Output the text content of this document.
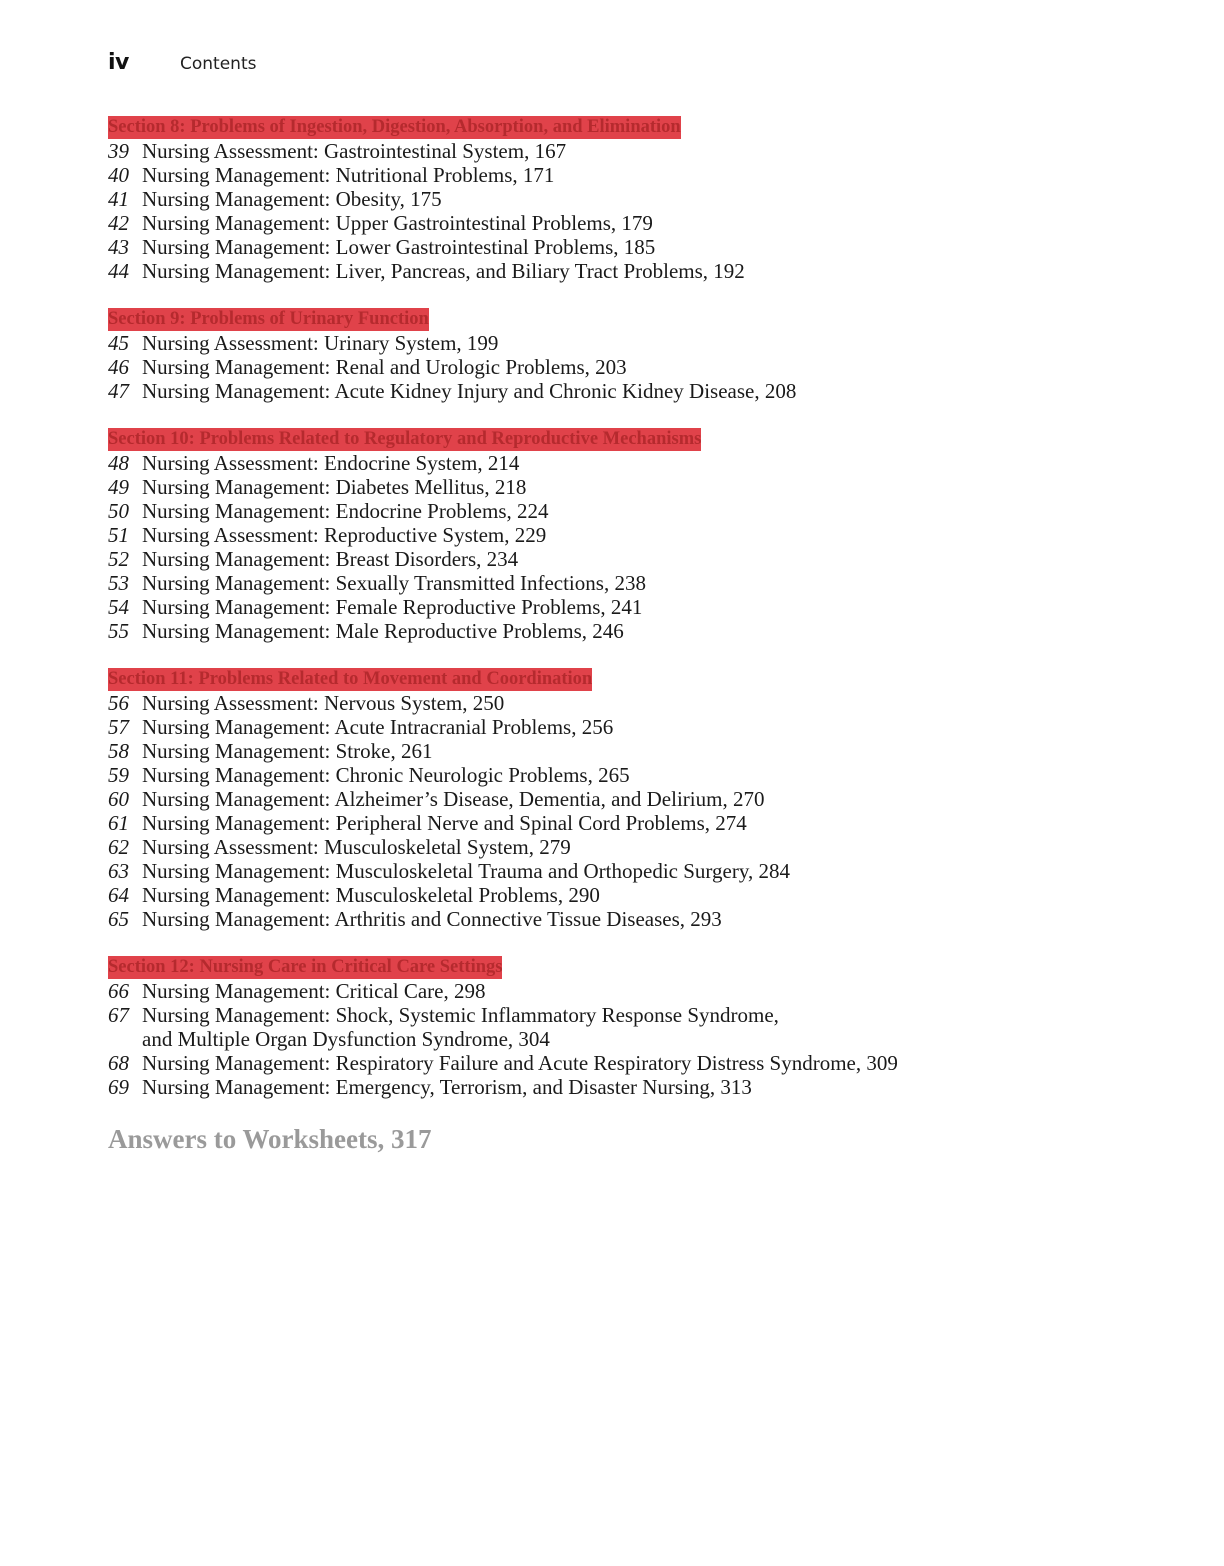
iv	Contents
Section 8: Problems of Ingestion, Digestion, Absorption, and Elimination
39 Nursing Assessment: Gastrointestinal System, 167
40 Nursing Management: Nutritional Problems, 171
41 Nursing Management: Obesity, 175
42 Nursing Management: Upper Gastrointestinal Problems, 179
43 Nursing Management: Lower Gastrointestinal Problems, 185
44 Nursing Management: Liver, Pancreas, and Biliary Tract Problems, 192
Section 9: Problems of Urinary Function
45 Nursing Assessment: Urinary System, 199
46 Nursing Management: Renal and Urologic Problems, 203
47 Nursing Management: Acute Kidney Injury and Chronic Kidney Disease, 208
Section 10: Problems Related to Regulatory and Reproductive Mechanisms
48 Nursing Assessment: Endocrine System, 214
49 Nursing Management: Diabetes Mellitus, 218
50 Nursing Management: Endocrine Problems, 224
51 Nursing Assessment: Reproductive System, 229
52 Nursing Management: Breast Disorders, 234
53 Nursing Management: Sexually Transmitted Infections, 238
54 Nursing Management: Female Reproductive Problems, 241
55 Nursing Management: Male Reproductive Problems, 246
Section 11: Problems Related to Movement and Coordination
56 Nursing Assessment: Nervous System, 250
57 Nursing Management: Acute Intracranial Problems, 256
58 Nursing Management: Stroke, 261
59 Nursing Management: Chronic Neurologic Problems, 265
60 Nursing Management: Alzheimer’s Disease, Dementia, and Delirium, 270
61 Nursing Management: Peripheral Nerve and Spinal Cord Problems, 274
62 Nursing Assessment: Musculoskeletal System, 279
63 Nursing Management: Musculoskeletal Trauma and Orthopedic Surgery, 284
64 Nursing Management: Musculoskeletal Problems, 290
65 Nursing Management: Arthritis and Connective Tissue Diseases, 293
Section 12: Nursing Care in Critical Care Settings
66 Nursing Management: Critical Care, 298
67 Nursing Management: Shock, Systemic Inflammatory Response Syndrome,
and Multiple Organ Dysfunction Syndrome, 304
68 Nursing Management: Respiratory Failure and Acute Respiratory Distress Syndrome, 309
69 Nursing Management: Emergency, Terrorism, and Disaster Nursing, 313
Answers to Worksheets, 317
